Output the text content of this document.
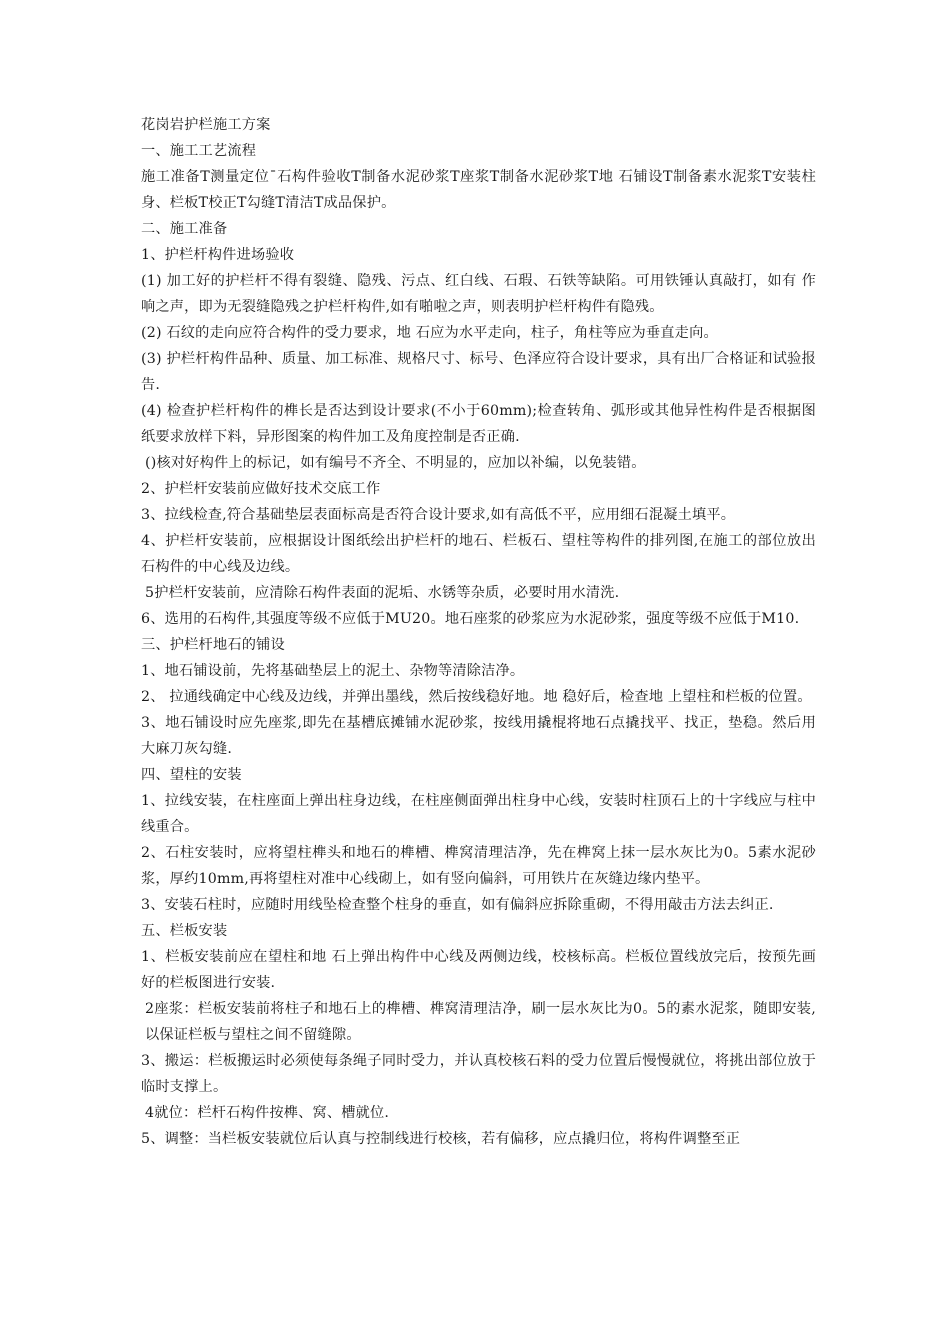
花岗岩护栏施工方案

一、施工工艺流程

施工准备T测量定位ˉ石构件验收T制备水泥砂浆T座浆T制备水泥砂浆T地 石铺设T制备素水泥浆T安装柱身、栏板T校正T勾缝T清洁T成品保护。

二、施工准备

1、护栏杆构件进场验收

(1) 加工好的护栏杆不得有裂缝、隐残、污点、红白线、石瑕、石铁等缺陷。可用铁锤认真敲打，如有 作响之声，即为无裂缝隐残之护栏杆构件,如有啪啦之声，则表明护栏杆构件有隐残。

(2) 石纹的走向应符合构件的受力要求，地 石应为水平走向，柱子，角柱等应为垂直走向。

(3) 护栏杆构件品种、质量、加工标准、规格尺寸、标号、色泽应符合设计要求，具有出厂合格证和试验报告.

(4) 检查护栏杆构件的榫长是否达到设计要求(不小于60mm);检查转角、弧形或其他异性构件是否根据图纸要求放样下料，异形图案的构件加工及角度控制是否正确.

()核对好构件上的标记，如有编号不齐全、不明显的，应加以补编，以免装错。

2、护栏杆安装前应做好技术交底工作

3、拉线检查,符合基础垫层表面标高是否符合设计要求,如有高低不平，应用细石混凝土填平。

4、护栏杆安装前，应根据设计图纸绘出护栏杆的地石、栏板石、望柱等构件的排列图,在施工的部位放出石构件的中心线及边线。

5护栏杆安装前，应清除石构件表面的泥垢、水锈等杂质，必要时用水清洗.

6、选用的石构件,其强度等级不应低于MU20。地石座浆的砂浆应为水泥砂浆，强度等级不应低于M10.

三、护栏杆地石的铺设

1、地石铺设前，先将基础垫层上的泥土、杂物等清除洁净。

2、 拉通线确定中心线及边线，并弹出墨线，然后按线稳好地。地 稳好后，检查地 上望柱和栏板的位置。

3、地石铺设时应先座浆,即先在基槽底摊铺水泥砂浆，按线用撬棍将地石点撬找平、找正，垫稳。然后用大麻刀灰勾缝.

四、望柱的安装

1、拉线安装，在柱座面上弹出柱身边线，在柱座侧面弹出柱身中心线，安装时柱顶石上的十字线应与柱中线重合。

2、石柱安装时，应将望柱榫头和地石的榫槽、榫窝清理洁净，先在榫窝上抹一层水灰比为0。5素水泥砂浆，厚约10mm,再将望柱对准中心线砌上，如有竖向偏斜，可用铁片在灰缝边缘内垫平。

3、安装石柱时，应随时用线坠检查整个柱身的垂直，如有偏斜应拆除重砌，不得用敲击方法去纠正.

五、栏板安装

1、栏板安装前应在望柱和地 石上弹出构件中心线及两侧边线，校核标高。栏板位置线放完后，按预先画好的栏板图进行安装.

2座浆：栏板安装前将柱子和地石上的榫槽、榫窝清理洁净，刷一层水灰比为0。5的素水泥浆，随即安装,以保证栏板与望柱之间不留缝隙。

3、搬运：栏板搬运时必须使每条绳子同时受力，并认真校核石料的受力位置后慢慢就位，将挑出部位放于临时支撑上。

4就位：栏杆石构件按榫、窝、槽就位.

5、调整：当栏板安装就位后认真与控制线进行校核，若有偏移，应点撬归位，将构件调整至正
